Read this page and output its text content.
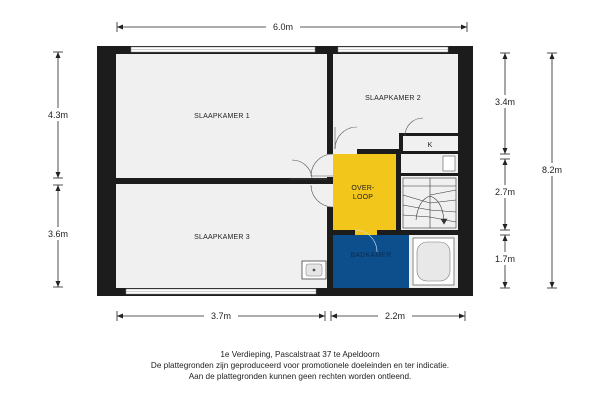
6.0m
4.3m
3.6m
3.4m
2.7m
1.7m
8.2m
3.7m	2.2m
SLAAPKAMER 1
SLAAPKAMER 2
SLAAPKAMER 3
OVER-
LOOP
BADKAMER
K
1e Verdieping, Pascalstraat 37 te Apeldoorn
De plattegronden zijn geproduceerd voor promotionele doeleinden en ter indicatie.
Aan de plattegronden kunnen geen rechten worden ontleend.
